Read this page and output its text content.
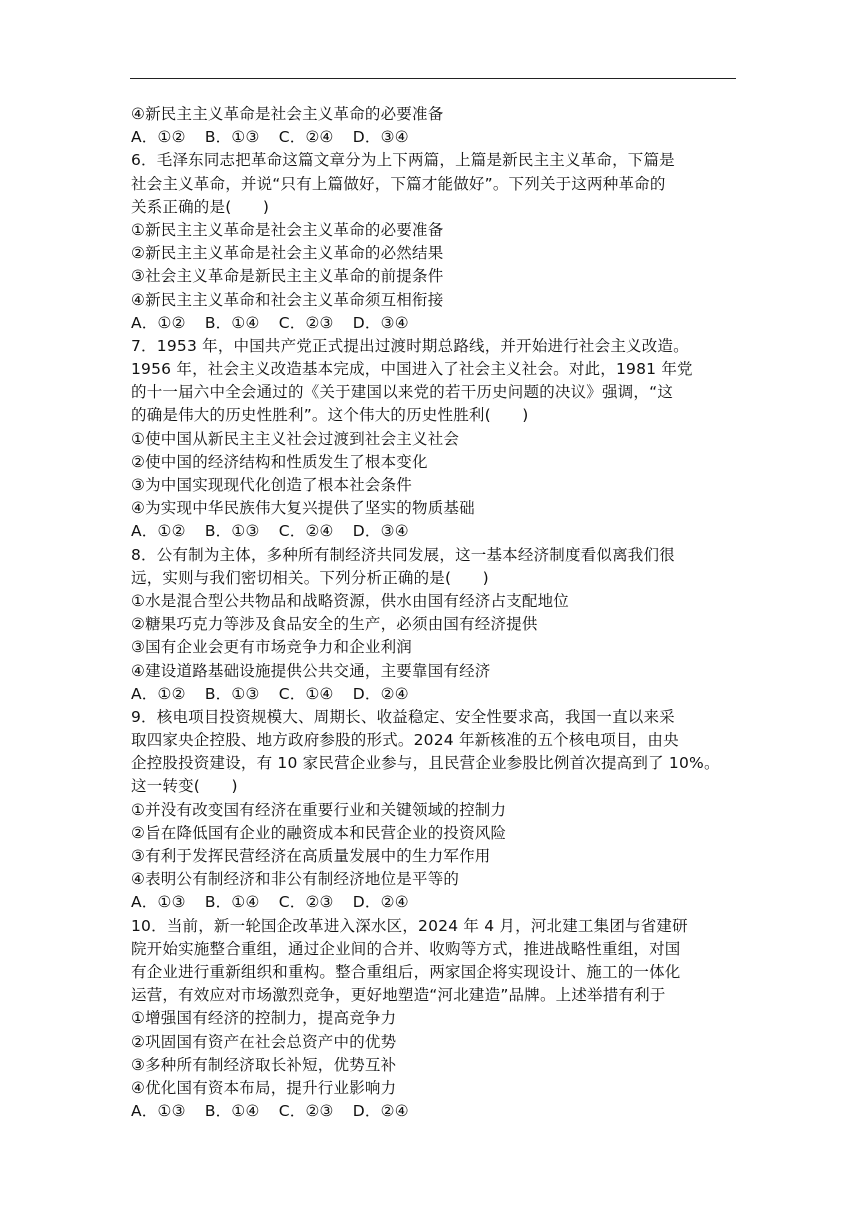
④新民主主义革命是社会主义革命的必要准备
A．①② B．①③ C．②④ D．③④
6．毛泽东同志把革命这篇文章分为上下两篇，上篇是新民主主义革命，下篇是
社会主义革命，并说“只有上篇做好，下篇才能做好”。下列关于这两种革命的
关系正确的是(　　)
①新民主主义革命是社会主义革命的必要准备
②新民主主义革命是社会主义革命的必然结果
③社会主义革命是新民主主义革命的前提条件
④新民主主义革命和社会主义革命须互相衔接
A．①② B．①④ C．②③ D．③④
7．1953 年，中国共产党正式提出过渡时期总路线，并开始进行社会主义改造。
1956 年，社会主义改造基本完成，中国进入了社会主义社会。对此，1981 年党
的十一届六中全会通过的《关于建国以来党的若干历史问题的决议》强调，“这
的确是伟大的历史性胜利”。这个伟大的历史性胜利(　　)
①使中国从新民主主义社会过渡到社会主义社会
②使中国的经济结构和性质发生了根本变化
③为中国实现现代化创造了根本社会条件
④为实现中华民族伟大复兴提供了坚实的物质基础
A．①② B．①③ C．②④ D．③④
8．公有制为主体，多种所有制经济共同发展，这一基本经济制度看似离我们很
远，实则与我们密切相关。下列分析正确的是(　　)
①水是混合型公共物品和战略资源，供水由国有经济占支配地位
②糖果巧克力等涉及食品安全的生产，必须由国有经济提供
③国有企业会更有市场竞争力和企业利润
④建设道路基础设施提供公共交通，主要靠国有经济
A．①② B．①③ C．①④ D．②④
9．核电项目投资规模大、周期长、收益稳定、安全性要求高，我国一直以来采
取四家央企控股、地方政府参股的形式。2024 年新核准的五个核电项目，由央
企控股投资建设，有 10 家民营企业参与，且民营企业参股比例首次提高到了 10%。
这一转变(　　)
①并没有改变国有经济在重要行业和关键领域的控制力
②旨在降低国有企业的融资成本和民营企业的投资风险
③有利于发挥民营经济在高质量发展中的生力军作用
④表明公有制经济和非公有制经济地位是平等的
A．①③ B．①④ C．②③ D．②④
10．当前，新一轮国企改革进入深水区，2024 年 4 月，河北建工集团与省建研
院开始实施整合重组，通过企业间的合并、收购等方式，推进战略性重组，对国
有企业进行重新组织和重构。整合重组后，两家国企将实现设计、施工的一体化
运营，有效应对市场激烈竞争，更好地塑造“河北建造”品牌。上述举措有利于
①增强国有经济的控制力，提高竞争力
②巩固国有资产在社会总资产中的优势
③多种所有制经济取长补短，优势互补
④优化国有资本布局，提升行业影响力
A．①③ B．①④ C．②③ D．②④
